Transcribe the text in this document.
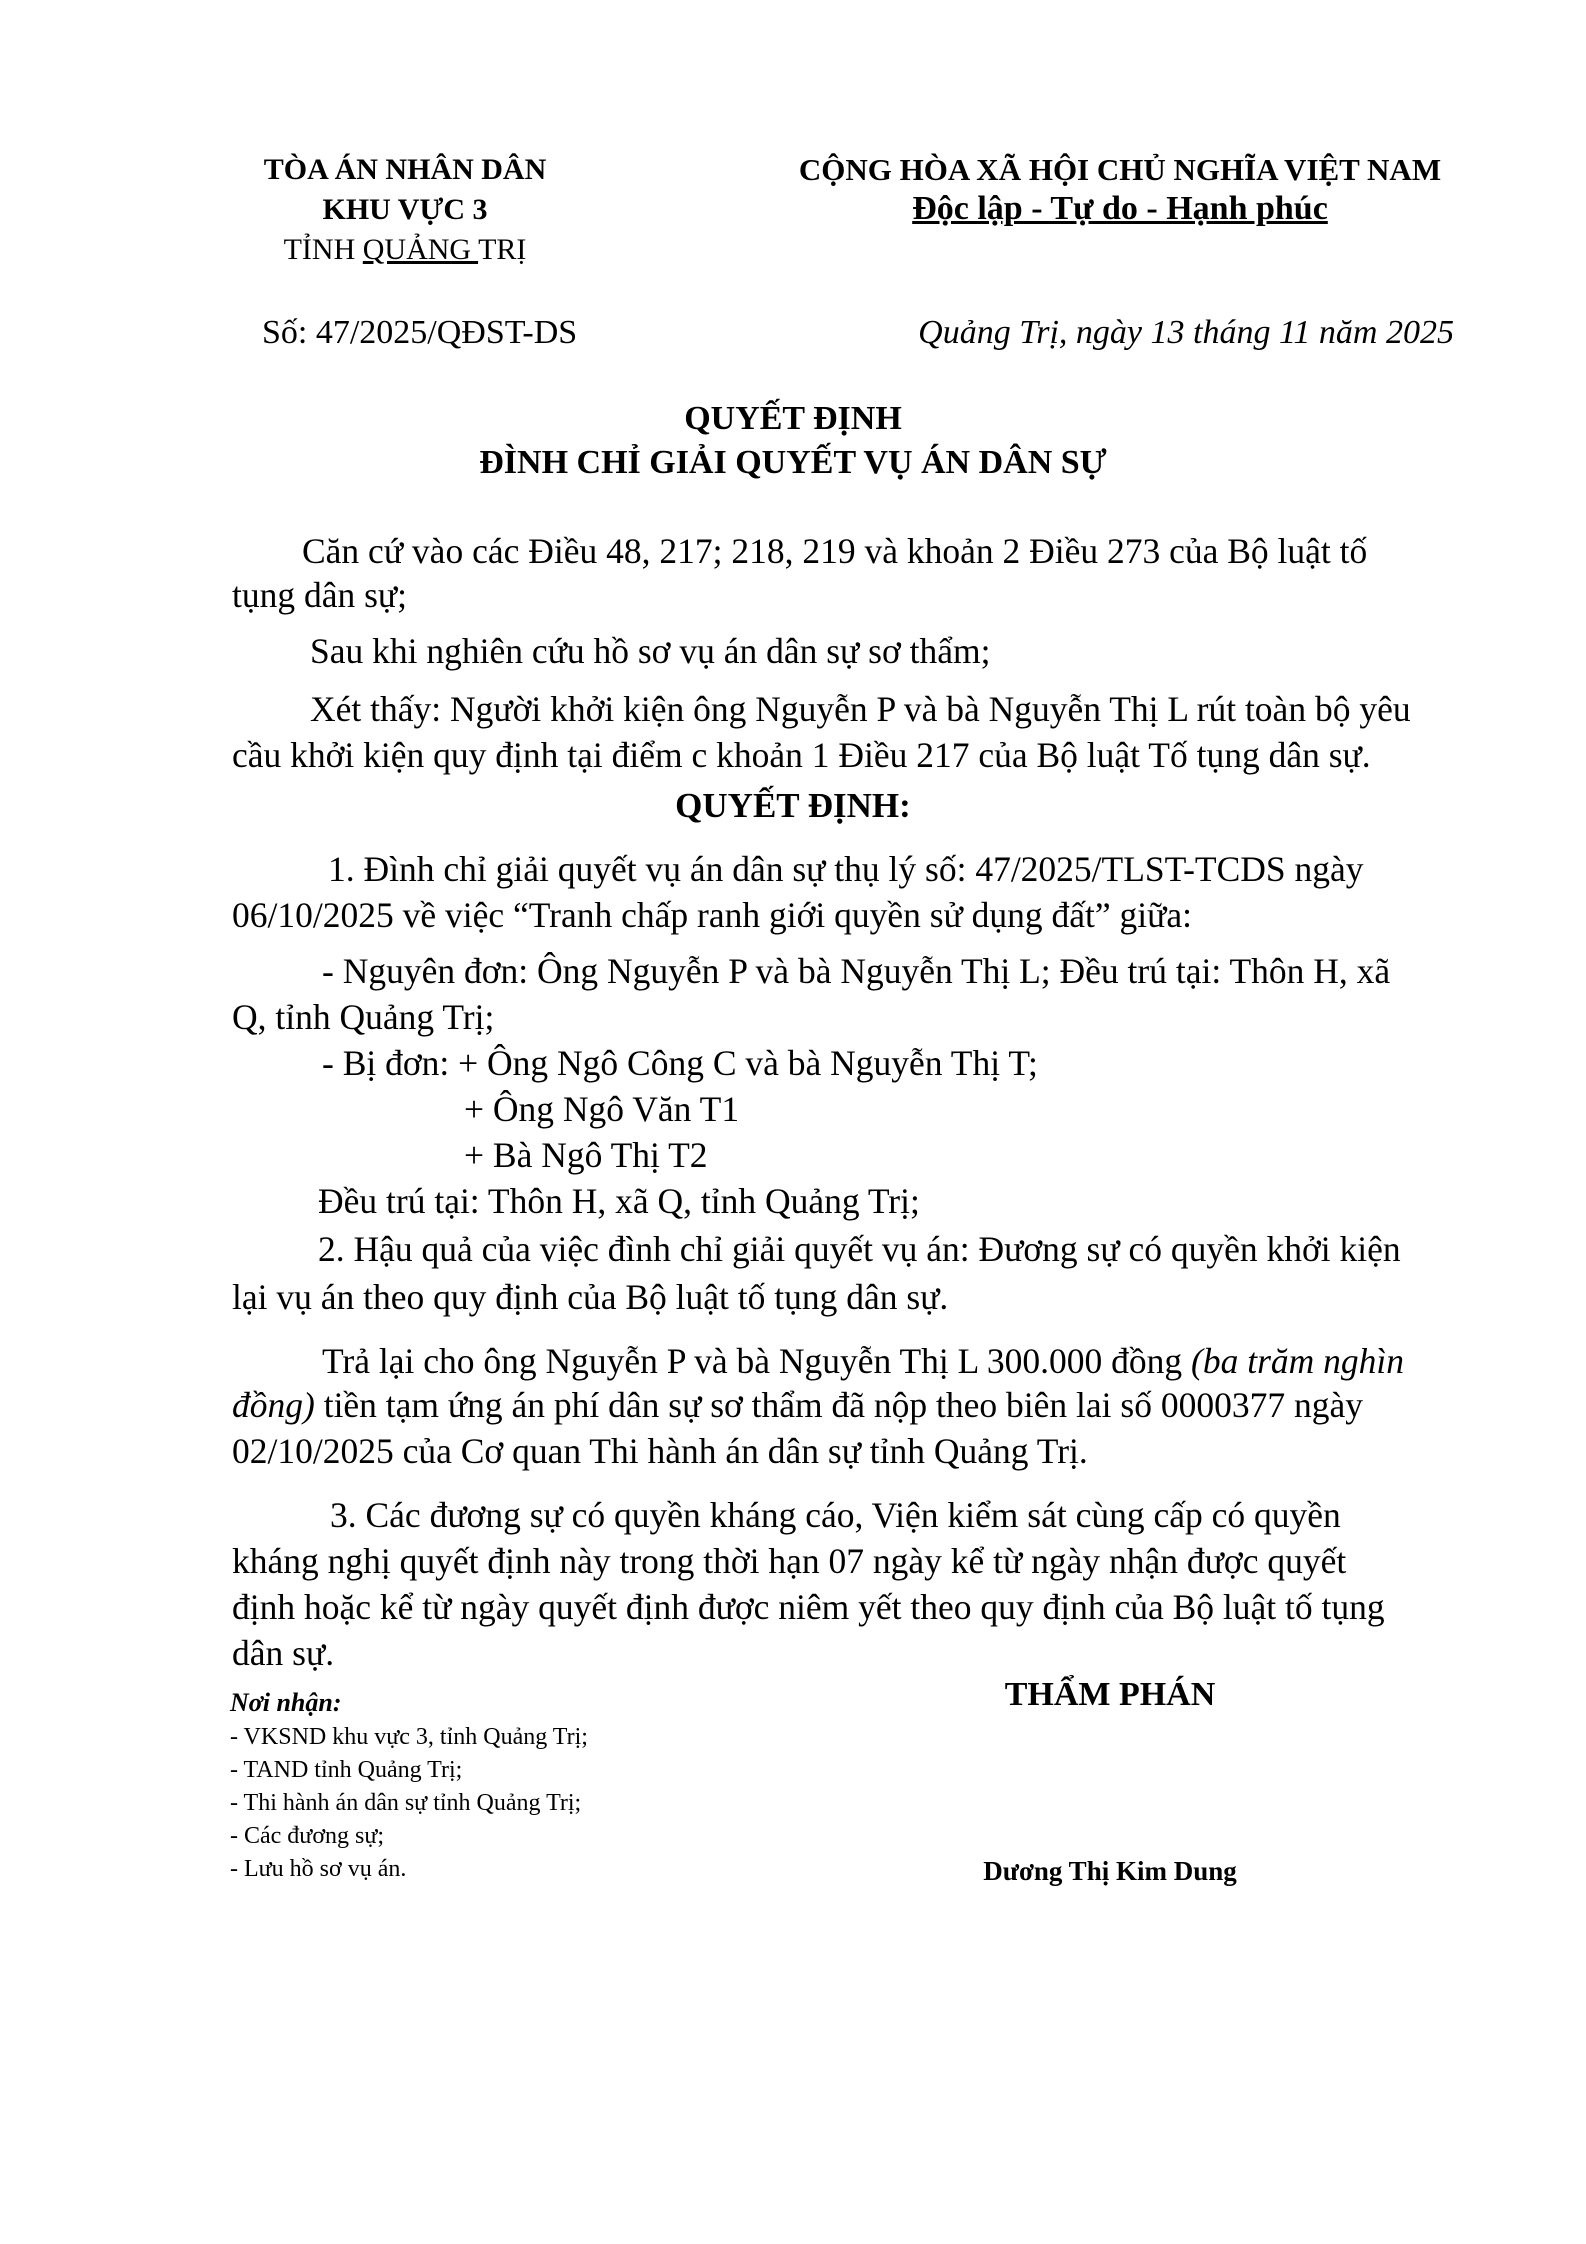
TÒA ÁN NHÂN DÂN
KHU VỰC 3
TỈNH QUẢNG TRỊ
CỘNG HÒA XÃ HỘI CHỦ NGHĨA VIỆT NAM
Độc lập - Tự do - Hạnh phúc
Số: 47/2025/QĐST-DS	Quảng Trị, ngày 13 tháng 11 năm 2025
QUYẾT ĐỊNH
ĐÌNH CHỈ GIẢI QUYẾT VỤ ÁN DÂN SỰ
Căn cứ vào các Điều 48, 217; 218, 219 và khoản 2 Điều 273 của Bộ luật tố
tụng dân sự;
Sau khi nghiên cứu hồ sơ vụ án dân sự sơ thẩm;
Xét thấy: Người khởi kiện ông Nguyễn P và bà Nguyễn Thị L rút toàn bộ yêu
cầu khởi kiện quy định tại điểm c khoản 1 Điều 217 của Bộ luật Tố tụng dân sự.
QUYẾT ĐỊNH:
1. Đình chỉ giải quyết vụ án dân sự thụ lý số: 47/2025/TLST-TCDS ngày
06/10/2025 về việc “Tranh chấp ranh giới quyền sử dụng đất” giữa:
- Nguyên đơn: Ông Nguyễn P và bà Nguyễn Thị L; Đều trú tại: Thôn H, xã
Q, tỉnh Quảng Trị;
- Bị đơn: + Ông Ngô Công C và bà Nguyễn Thị T;
+ Ông Ngô Văn T1
+ Bà Ngô Thị T2
Đều trú tại: Thôn H, xã Q, tỉnh Quảng Trị;
2. Hậu quả của việc đình chỉ giải quyết vụ án: Đương sự có quyền khởi kiện
lại vụ án theo quy định của Bộ luật tố tụng dân sự.
Trả lại cho ông Nguyễn P và bà Nguyễn Thị L 300.000 đồng (ba trăm nghìn
đồng) tiền tạm ứng án phí dân sự sơ thẩm đã nộp theo biên lai số 0000377 ngày
02/10/2025 của Cơ quan Thi hành án dân sự tỉnh Quảng Trị.
3. Các đương sự có quyền kháng cáo, Viện kiểm sát cùng cấp có quyền
kháng nghị quyết định này trong thời hạn 07 ngày kể từ ngày nhận được quyết
định hoặc kể từ ngày quyết định được niêm yết theo quy định của Bộ luật tố tụng
dân sự.
Nơi nhận:
- VKSND khu vực 3, tỉnh Quảng Trị;
- TAND tỉnh Quảng Trị;
- Thi hành án dân sự tỉnh Quảng Trị;
- Các đương sự;
- Lưu hồ sơ vụ án.
THẨM PHÁN
Dương Thị Kim Dung
